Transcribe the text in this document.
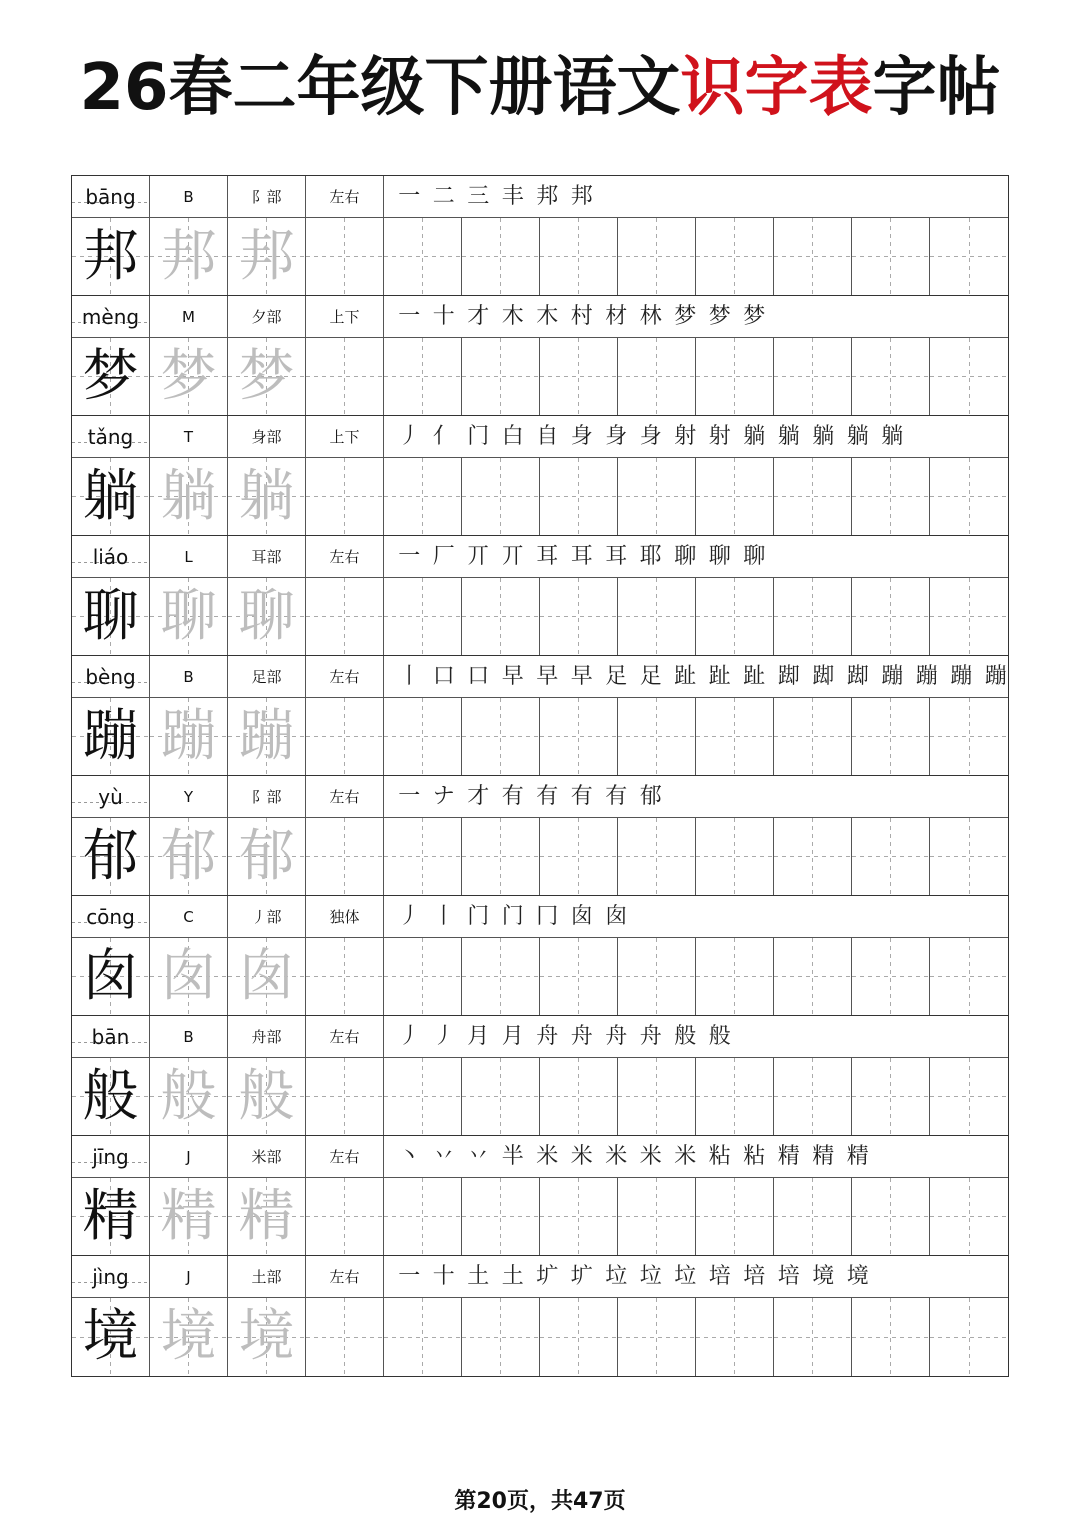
26春二年级下册语文识字表字帖
bāng	B	阝部	左右	一 二 三 丰 邦 邦
邦 邦 邦
mèng	M	夕部	上下	一 十 才 木 木 村 材 林 梦 梦 梦
梦 梦 梦
tǎng	T	身部	上下	丿 亻 门 白 自 身 身 身 射 射 躺 躺 躺 躺 躺
躺 躺 躺
liáo	L	耳部	左右	一 厂 丌 丌 耳 耳 耳 耶 聊 聊 聊
聊 聊 聊
bèng	B	足部	左右	丨 口 口 早 早 早 足 足 趾 趾 趾 踋 踋 踋 蹦 蹦 蹦 蹦
蹦 蹦 蹦
yù	Y	阝部	左右	一 ナ 才 有 有 有 有 郁
郁 郁 郁
cōng	C	丿部	独体	丿 丨 门 门 冂 囱 囱
囱 囱 囱
bān	B	舟部	左右	丿 丿 月 月 舟 舟 舟 舟 般 般
般 般 般
jīng	J	米部	左右	丶 丷 丷 半 米 米 米 米 米 粘 粘 精 精 精
精 精 精
jìng	J	土部	左右	一 十 土 土 圹 圹 垃 垃 垃 培 培 培 境 境
境 境 境
第20页，共47页
